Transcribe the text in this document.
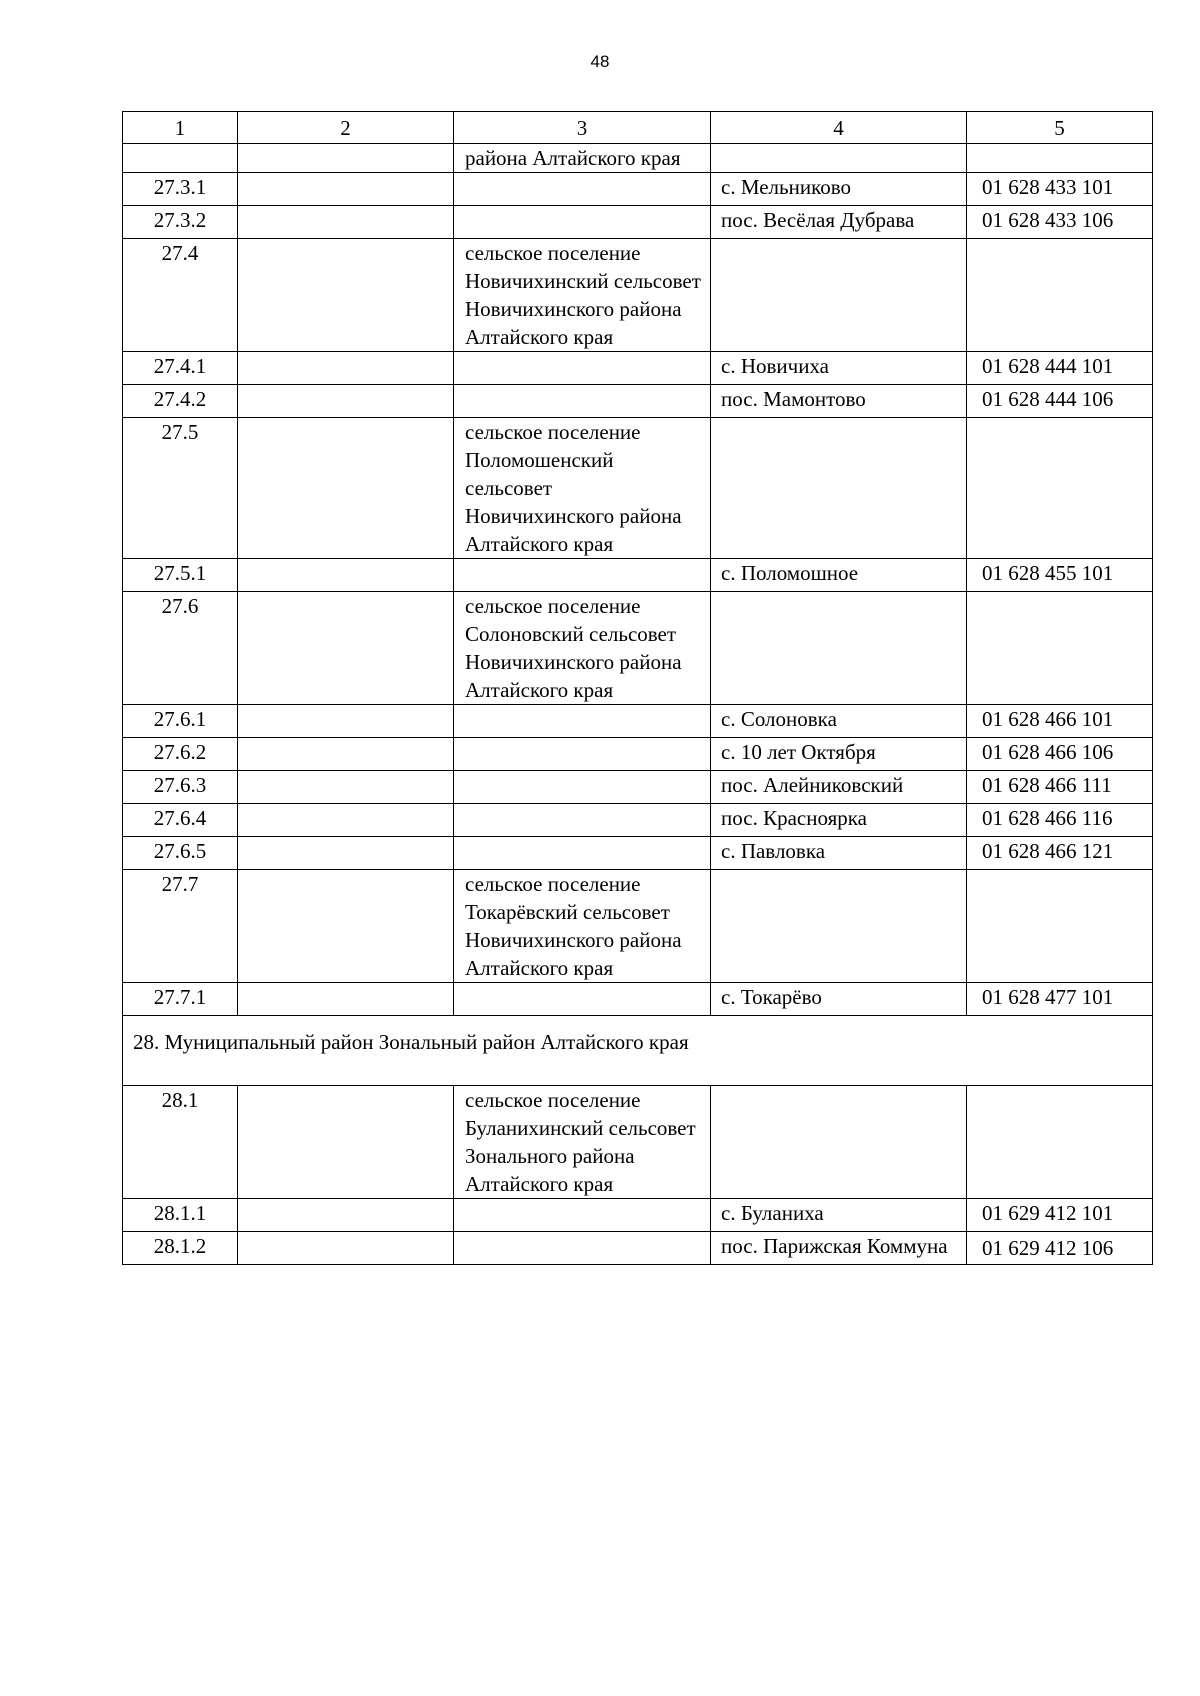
48
1	2	3	4	5
		района Алтайского края		
27.3.1			с. Мельниково	01 628 433 101
27.3.2			пос. Весёлая Дубрава	01 628 433 106
27.4		сельское поселение Новичихинский сельсовет Новичихинского района Алтайского края		
27.4.1			с. Новичиха	01 628 444 101
27.4.2			пос. Мамонтово	01 628 444 106
27.5		сельское поселение Поломошенский сельсовет Новичихинского района Алтайского края		
27.5.1			с. Поломошное	01 628 455 101
27.6		сельское поселение Солоновский сельсовет Новичихинского района Алтайского края		
27.6.1			с. Солоновка	01 628 466 101
27.6.2			с. 10 лет Октября	01 628 466 106
27.6.3			пос. Алейниковский	01 628 466 111
27.6.4			пос. Красноярка	01 628 466 116
27.6.5			с. Павловка	01 628 466 121
27.7		сельское поселение Токарёвский сельсовет Новичихинского района Алтайского края		
27.7.1			с. Токарёво	01 628 477 101
28. Муниципальный район Зональный район Алтайского края				
28.1		сельское поселение Буланихинский сельсовет Зонального района Алтайского края		
28.1.1			с. Буланиха	01 629 412 101
28.1.2			пос. Парижская Коммуна	01 629 412 106
